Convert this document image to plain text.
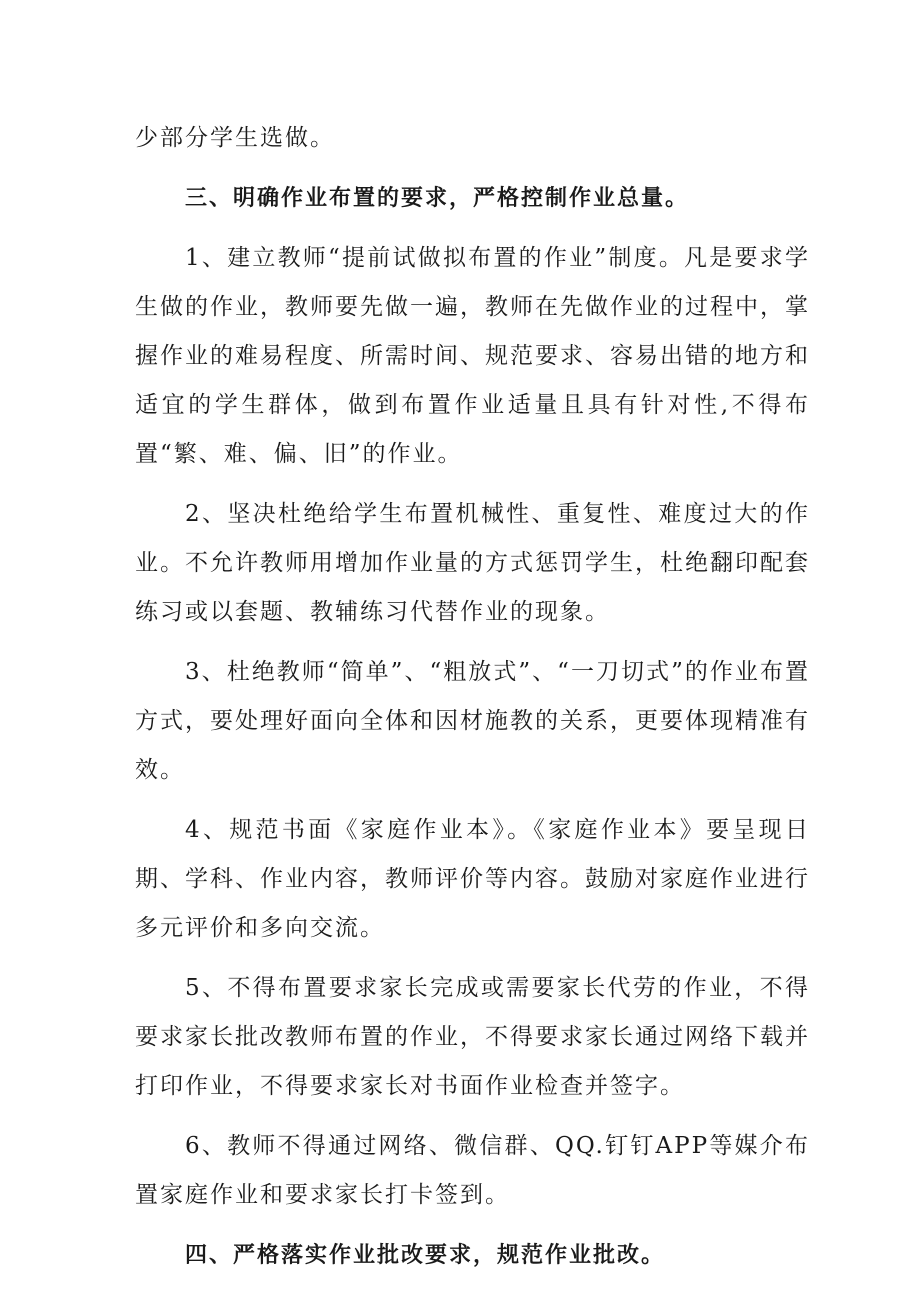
少部分学生选做。

三、明确作业布置的要求，严格控制作业总量。

1、建立教师“提前试做拟布置的作业”制度。凡是要求学生做的作业，教师要先做一遍，教师在先做作业的过程中，掌握作业的难易程度、所需时间、规范要求、容易出错的地方和适宜的学生群体，做到布置作业适量且具有针对性,不得布置“繁、难、偏、旧”的作业。

2、坚决杜绝给学生布置机械性、重复性、难度过大的作业。不允许教师用增加作业量的方式惩罚学生，杜绝翻印配套练习或以套题、教辅练习代替作业的现象。

3、杜绝教师“简单”、“粗放式”、“一刀切式”的作业布置方式，要处理好面向全体和因材施教的关系，更要体现精准有效。

4、规范书面《家庭作业本》。《家庭作业本》要呈现日期、学科、作业内容，教师评价等内容。鼓励对家庭作业进行多元评价和多向交流。

5、不得布置要求家长完成或需要家长代劳的作业，不得要求家长批改教师布置的作业，不得要求家长通过网络下载并打印作业，不得要求家长对书面作业检查并签字。

6、教师不得通过网络、微信群、QQ.钉钉APP等媒介布置家庭作业和要求家长打卡签到。

四、严格落实作业批改要求，规范作业批改。
